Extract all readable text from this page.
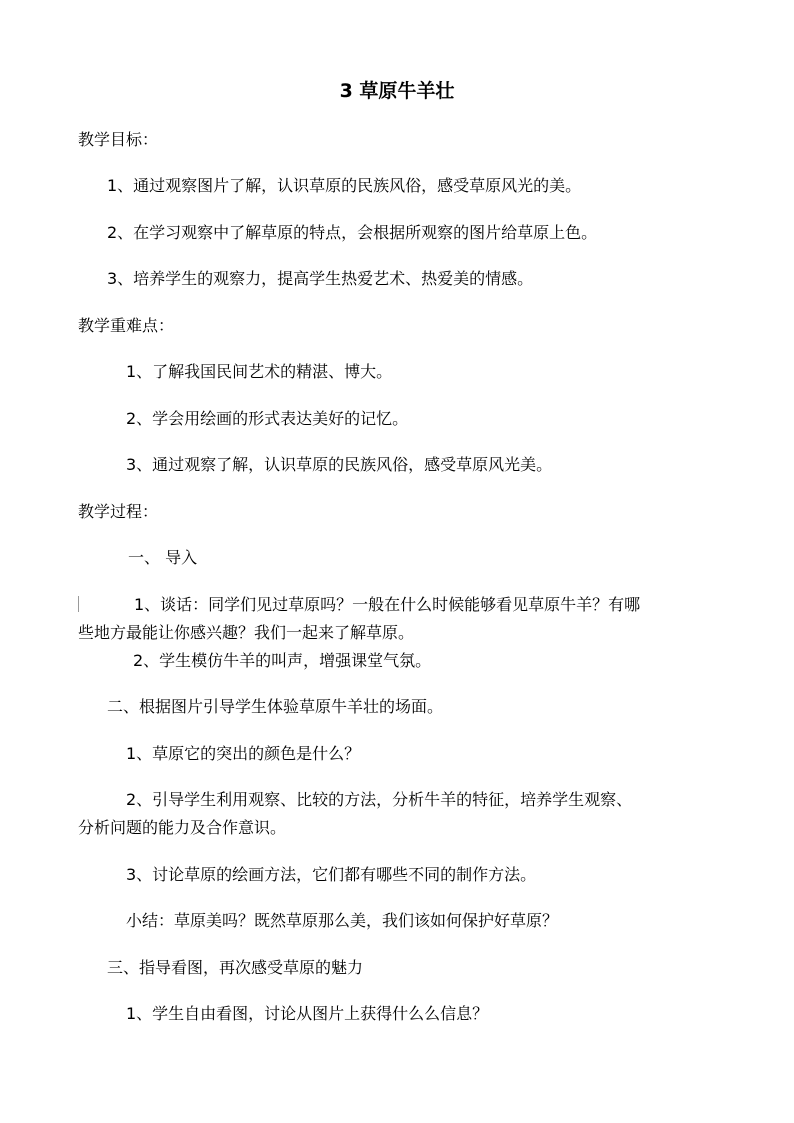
3 草原牛羊壮
教学目标：
1、通过观察图片了解，认识草原的民族风俗，感受草原风光的美。
2、在学习观察中了解草原的特点，会根据所观察的图片给草原上色。
3、培养学生的观察力，提高学生热爱艺术、热爱美的情感。
教学重难点：
1、了解我国民间艺术的精湛、博大。
2、学会用绘画的形式表达美好的记忆。
3、通过观察了解，认识草原的民族风俗，感受草原风光美。
教学过程：
一、 导入
1、谈话：同学们见过草原吗？一般在什么时候能够看见草原牛羊？有哪
些地方最能让你感兴趣？我们一起来了解草原。
2、学生模仿牛羊的叫声，增强课堂气氛。
二、根据图片引导学生体验草原牛羊壮的场面。
1、草原它的突出的颜色是什么？
2、引导学生利用观察、比较的方法，分析牛羊的特征，培养学生观察、
分析问题的能力及合作意识。
3、讨论草原的绘画方法，它们都有哪些不同的制作方法。
小结：草原美吗？既然草原那么美，我们该如何保护好草原？
三、指导看图，再次感受草原的魅力
1、学生自由看图，讨论从图片上获得什么么信息？
